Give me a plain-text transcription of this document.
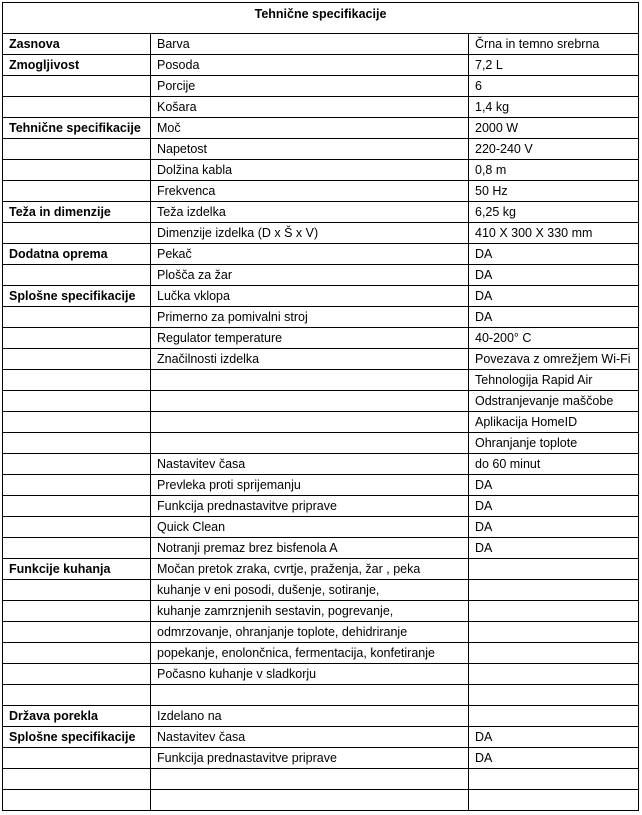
Tehnične specifikacije		
Zasnova	Barva	Črna in temno srebrna
Zmogljivost	Posoda	7,2 L
	Porcije	6
	Košara	1,4 kg
Tehnične specifikacije	Moč	2000 W
	Napetost	220-240 V
	Dolžina kabla	0,8 m
	Frekvenca	50 Hz
Teža in dimenzije	Teža izdelka	6,25 kg
	Dimenzije izdelka (D x Š x V)	410 X 300 X 330 mm
Dodatna oprema	Pekač	DA
	Plošča za žar	DA
Splošne specifikacije	Lučka vklopa	DA
	Primerno za pomivalni stroj	DA
	Regulator temperature	40-200° C
	Značilnosti izdelka	Povezava z omrežjem Wi-Fi
		Tehnologija Rapid Air
		Odstranjevanje maščobe
		Aplikacija HomeID
		Ohranjanje toplote
	Nastavitev časa	do 60 minut
	Prevleka proti sprijemanju	DA
	Funkcija prednastavitve priprave	DA
	Quick Clean	DA
	Notranji premaz brez bisfenola A	DA
Funkcije kuhanja	Močan pretok zraka, cvrtje, praženja, žar , peka	
	kuhanje v eni posodi, dušenje, sotiranje,	
	kuhanje zamrznjenih sestavin, pogrevanje,	
	odmrzovanje, ohranjanje toplote, dehidriranje	
	popekanje, enolončnica, fermentacija, konfetiranje	
	Počasno kuhanje v sladkorju	

Država porekla	Izdelano na	
Splošne specifikacije	Nastavitev časa	DA
	Funkcija prednastavitve priprave	DA
